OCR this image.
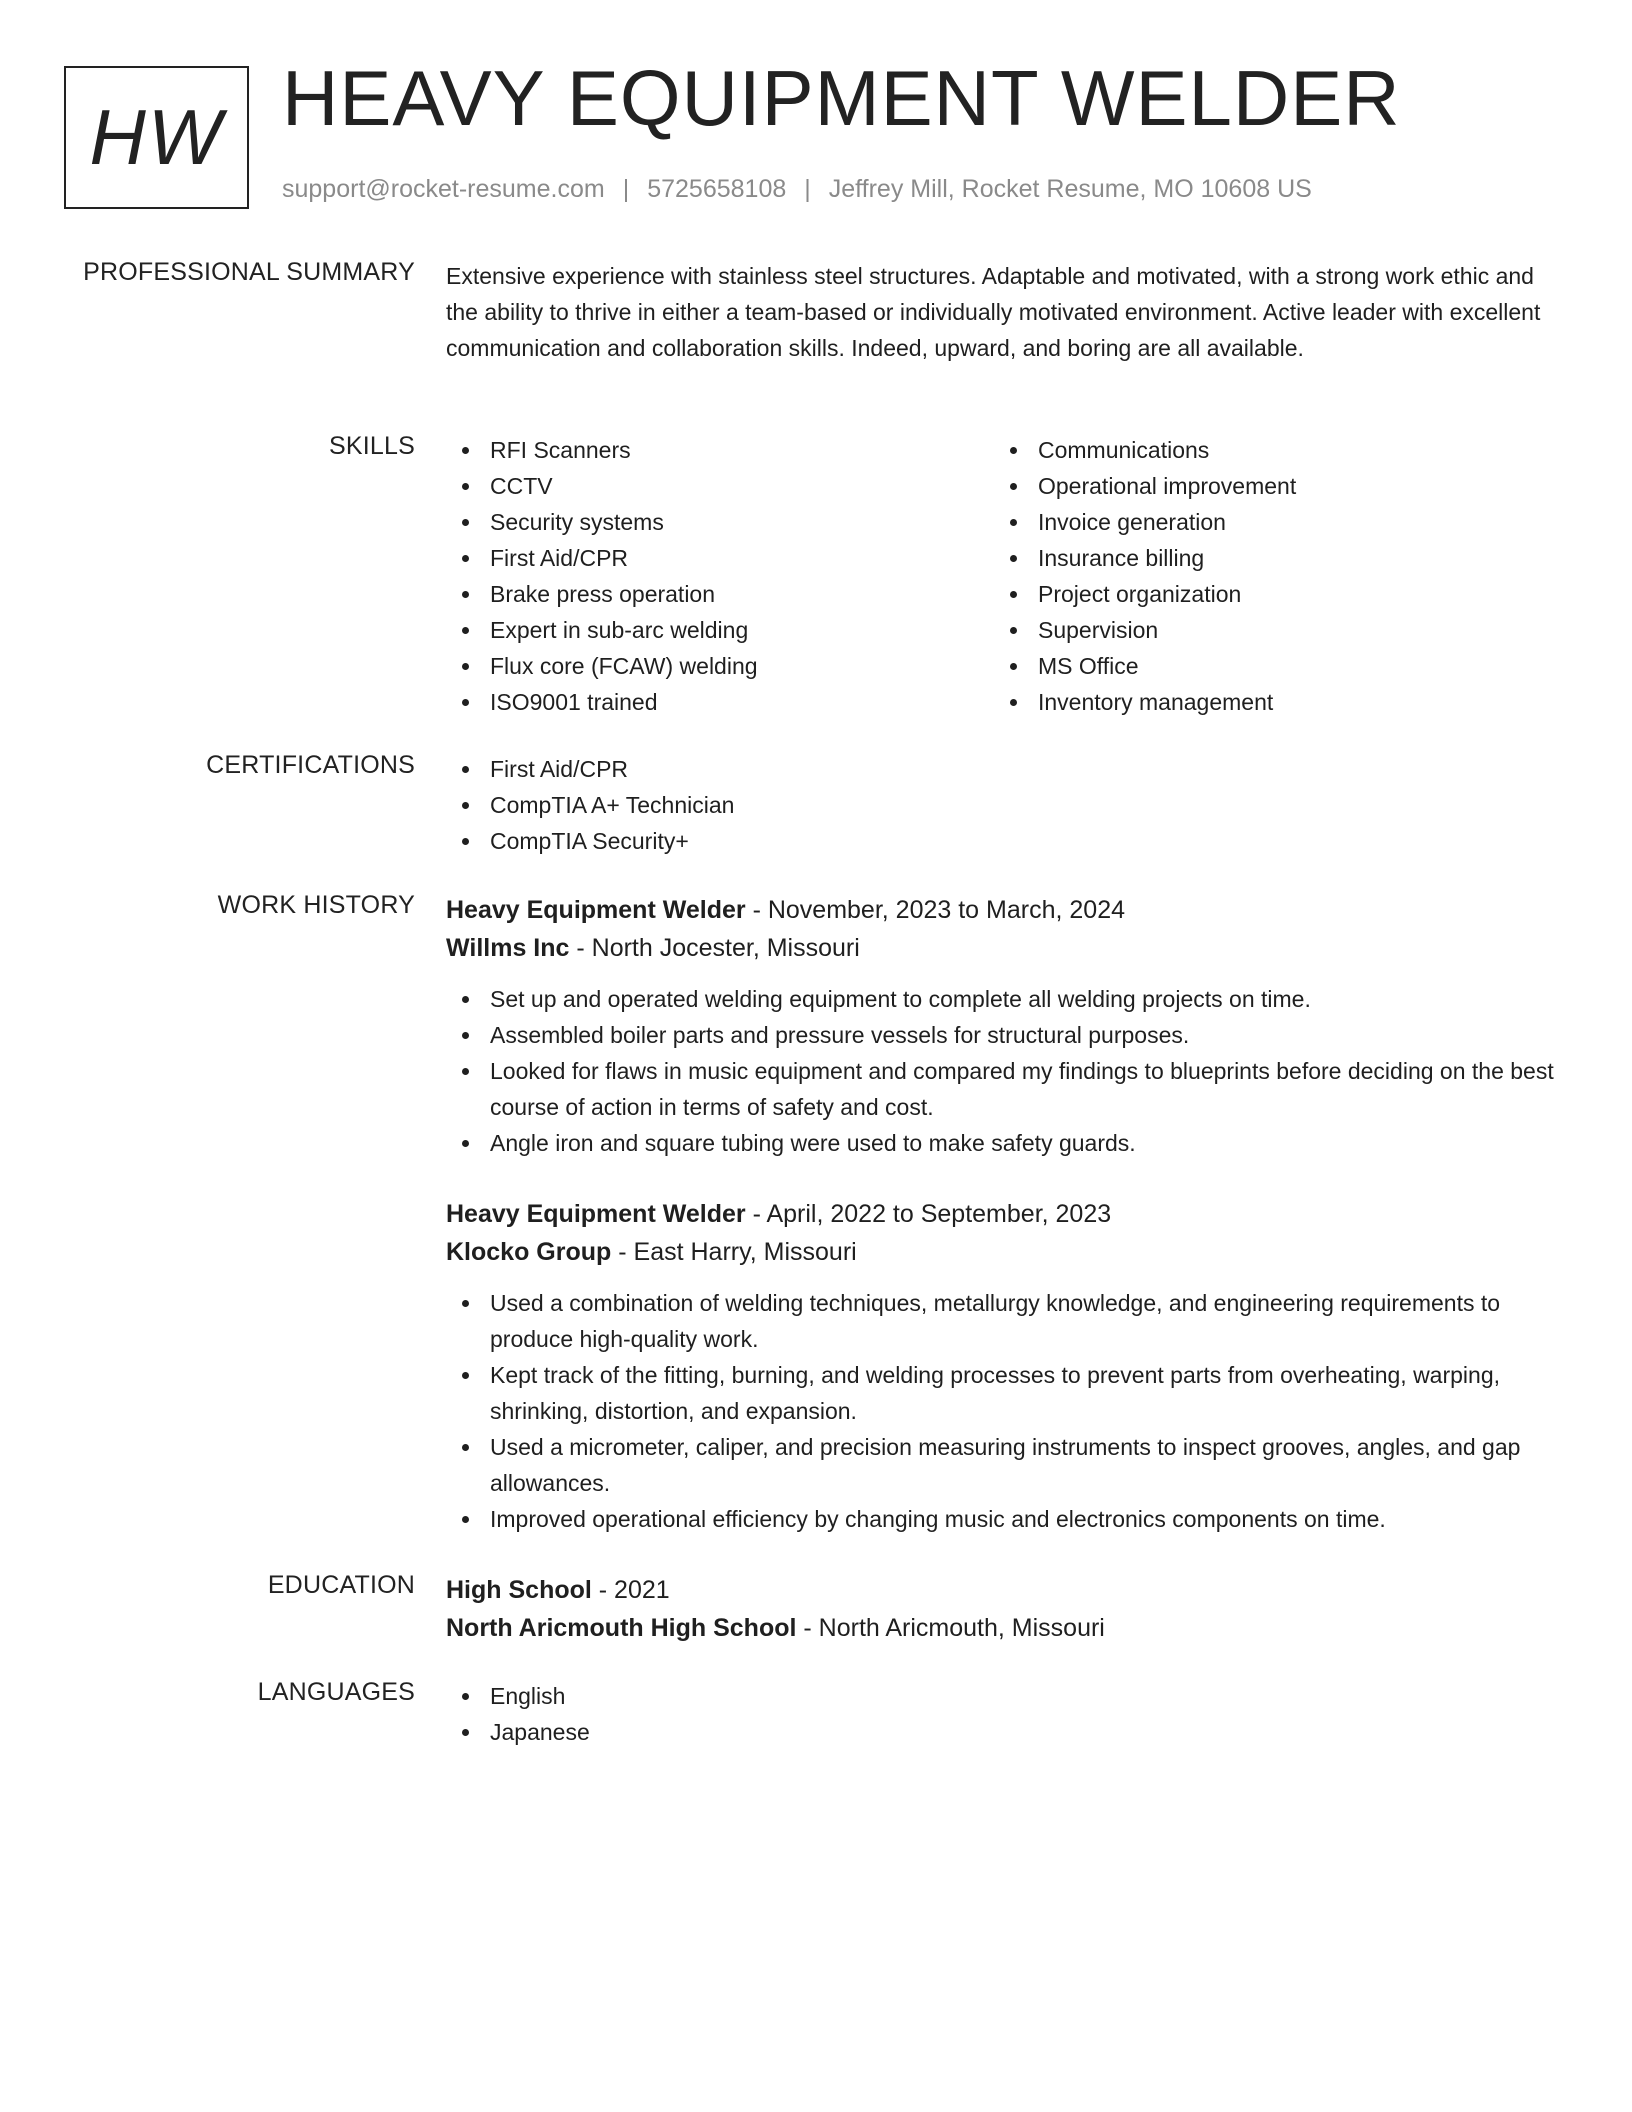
HW HEAVY EQUIPMENT WELDER
support@rocket-resume.com | 5725658108 | Jeffrey Mill, Rocket Resume, MO 10608 US
PROFESSIONAL SUMMARY Extensive experience with stainless steel structures. Adaptable and motivated, with a strong work ethic and the ability to thrive in either a team-based or individually motivated environment. Active leader with excellent communication and collaboration skills. Indeed, upward, and boring are all available.
SKILLS	RFI Scanners
CCTV
Security systems
First Aid/CPR
Brake press operation
Expert in sub-arc welding
Flux core (FCAW) welding
ISO9001 trained
Communications
Operational improvement
Invoice generation
Insurance billing
Project organization
Supervision
MS Office
Inventory management
CERTIFICATIONS	First Aid/CPR
CompTIA A+ Technician
CompTIA Security+
WORK HISTORY Heavy Equipment Welder - November, 2023 to March, 2024
Willms Inc - North Jocester, Missouri
Set up and operated welding equipment to complete all welding projects on time.
Assembled boiler parts and pressure vessels for structural purposes.
Looked for flaws in music equipment and compared my findings to blueprints before deciding on the best course of action in terms of safety and cost.
Angle iron and square tubing were used to make safety guards.
Heavy Equipment Welder - April, 2022 to September, 2023
Klocko Group - East Harry, Missouri
Used a combination of welding techniques, metallurgy knowledge, and engineering requirements to produce high-quality work.
Kept track of the fitting, burning, and welding processes to prevent parts from overheating, warping, shrinking, distortion, and expansion.
Used a micrometer, caliper, and precision measuring instruments to inspect grooves, angles, and gap allowances.
Improved operational efficiency by changing music and electronics components on time.
EDUCATION High School - 2021
North Aricmouth High School - North Aricmouth, Missouri
LANGUAGES	English
Japanese
